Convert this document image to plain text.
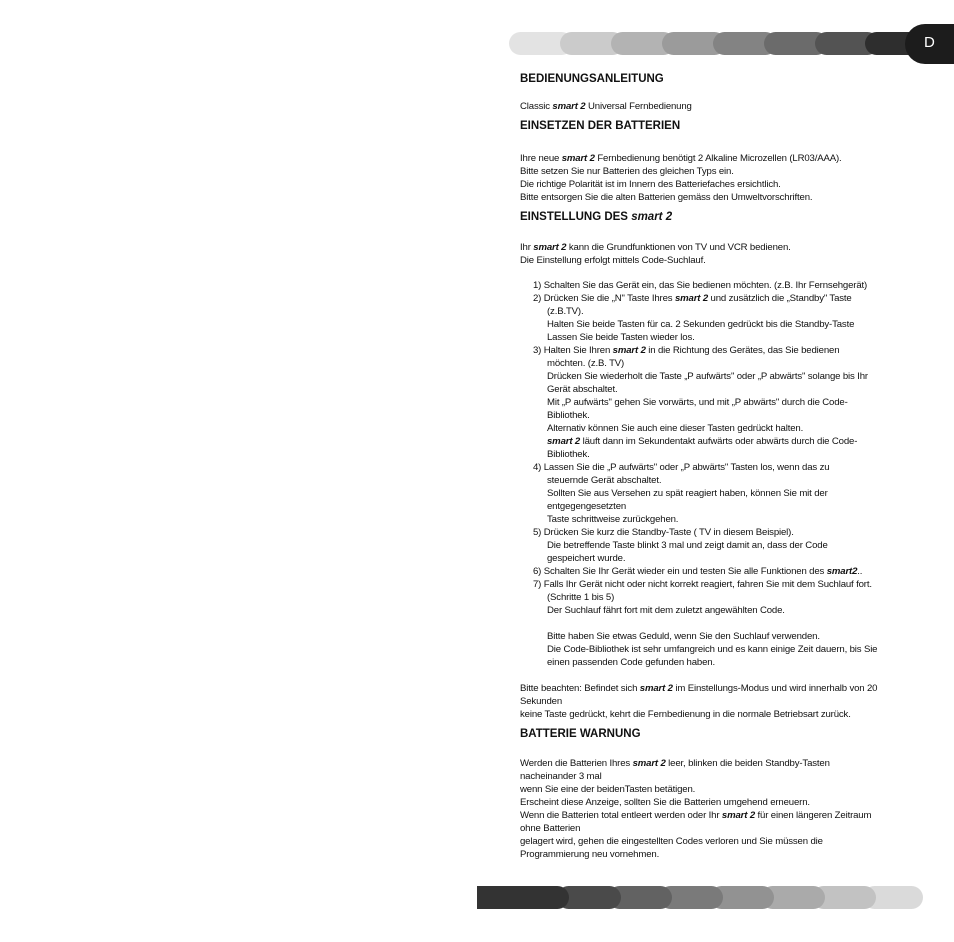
D
BEDIENUNGSANLEITUNG
Classic smart 2 Universal Fernbedienung
EINSETZEN DER BATTERIEN
Ihre neue smart 2 Fernbedienung benötigt 2 Alkaline Microzellen (LR03/AAA).
Bitte setzen Sie nur Batterien des gleichen Typs ein.
Die richtige Polarität ist im Innern des Batteriefaches ersichtlich.
Bitte entsorgen Sie die alten Batterien gemäss den Umweltvorschriften.
EINSTELLUNG DES smart 2
Ihr smart 2 kann die Grundfunktionen von TV und VCR bedienen.
Die Einstellung erfolgt mittels Code-Suchlauf.
1) Schalten Sie das Gerät ein, das Sie bedienen möchten. (z.B. Ihr Fernsehgerät)
2) Drücken Sie die „N" Taste Ihres smart 2 und zusätzlich die „Standby" Taste
(z.B.TV).
Halten Sie beide Tasten für ca. 2 Sekunden gedrückt bis die Standby-Taste
Lassen Sie beide Tasten wieder los.
3) Halten Sie Ihren smart 2 in die Richtung des Gerätes, das Sie bedienen
möchten. (z.B. TV)
Drücken Sie wiederholt die Taste „P aufwärts" oder „P abwärts" solange bis Ihr
Gerät abschaltet.
Mit „P aufwärts" gehen Sie vorwärts, und mit „P abwärts" durch die Code-
Bibliothek.
Alternativ können Sie auch eine dieser Tasten gedrückt halten.
smart 2 läuft dann im Sekundentakt aufwärts oder abwärts durch die Code-
Bibliothek.
4) Lassen Sie die „P aufwärts" oder „P abwärts" Tasten los, wenn das zu
steuernde Gerät abschaltet.
Sollten Sie aus Versehen zu spät reagiert haben, können Sie mit der
entgegengesetzten
Taste schrittweise zurückgehen.
5) Drücken Sie kurz die Standby-Taste ( TV in diesem Beispiel).
Die betreffende Taste blinkt 3 mal und zeigt damit an, dass der Code
gespeichert wurde.
6) Schalten Sie Ihr Gerät wieder ein und testen Sie alle Funktionen des smart2..
7) Falls Ihr Gerät nicht oder nicht korrekt reagiert, fahren Sie mit dem Suchlauf fort.
(Schritte 1 bis 5)
Der Suchlauf fährt fort mit dem zuletzt angewählten Code.
Bitte haben Sie etwas Geduld, wenn Sie den Suchlauf verwenden.
Die Code-Bibliothek ist sehr umfangreich und es kann einige Zeit dauern, bis Sie
einen passenden Code gefunden haben.
Bitte beachten: Befindet sich smart 2 im Einstellungs-Modus und wird innerhalb von 20
Sekunden
keine Taste gedrückt, kehrt die Fernbedienung in die normale Betriebsart zurück.
BATTERIE WARNUNG
Werden die Batterien Ihres smart 2 leer, blinken die beiden Standby-Tasten
nacheinander 3 mal
wenn Sie eine der beidenTasten betätigen.
Erscheint diese Anzeige, sollten Sie die Batterien umgehend erneuern.
Wenn die Batterien total entleert werden oder Ihr smart 2 für einen längeren Zeitraum
ohne Batterien
gelagert wird, gehen die eingestellten Codes verloren und Sie müssen die
Programmierung neu vornehmen.
